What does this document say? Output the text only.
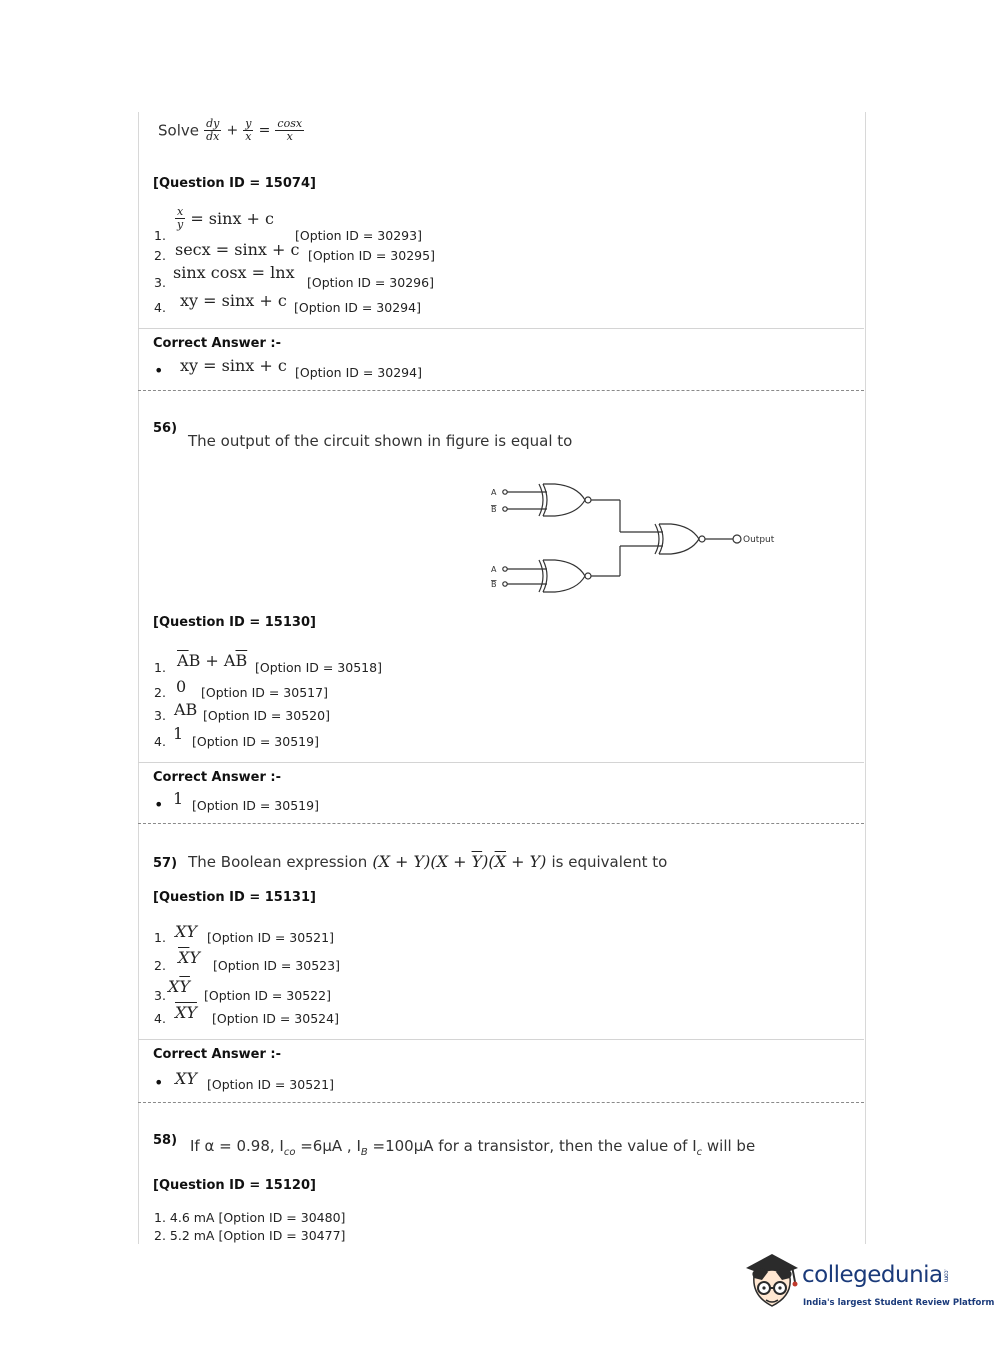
Solve $\frac{dy}{dx} + \frac{y}{x} = \frac{\cos x}{x}$
[Question ID = 15074]
1.
$\frac{x}{y} = \sin x + c$
[Option ID = 30293]
2. secx = sinx + c [Option ID = 30295]
3.
sinx cosx = lnx
[Option ID = 30296]
4. xy = sinx + c [Option ID = 30294]
Correct Answer :-
• xy = sinx + c [Option ID = 30294]
56)
The output of the circuit shown in figure is equal to
A
B
A
B
Output
[Question ID = 15130]
1. $\overline{A}B + A\overline{B}$ [Option ID = 30518]
2. 0 [Option ID = 30517]
3. AB [Option ID = 30520]
4. 1 [Option ID = 30519]
Correct Answer :-
• 1 [Option ID = 30519]
57) The Boolean expression $(X + Y)(X + \overline{Y})(\overline{X} + Y)$ is equivalent to
[Question ID = 15131]
1. XY [Option ID = 30521]
2. $\overline{X}Y$ [Option ID = 30523]
3. $X\overline{Y}$ [Option ID = 30522]
4. $\overline{XY}$ [Option ID = 30524]
Correct Answer :-
• XY [Option ID = 30521]
58) If α = 0.98, $I_{co} =6\mu A$ , $I_B =100\mu A$ for a transistor, then the value of $I_c$ will be
[Question ID = 15120]
1. 4.6 mA [Option ID = 30480]
2. 5.2 mA [Option ID = 30477]
collegedunia.com
India's largest Student Review Platform
